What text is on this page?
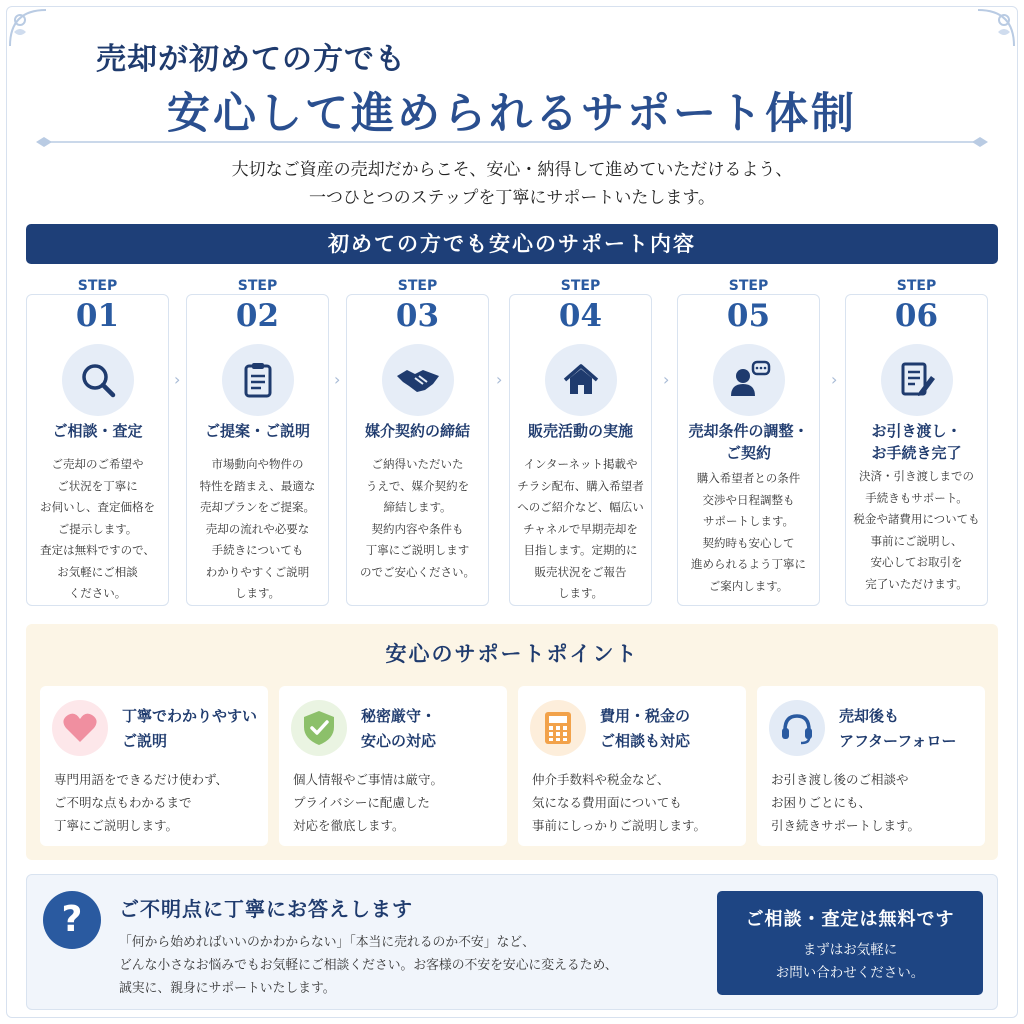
売却が初めての方でも
安心して進められるサポート体制
大切なご資産の売却だからこそ、安心・納得して進めていただけるよう、
一つひとつのステップを丁寧にサポートいたします。
初めての方でも安心のサポート内容
STEP
01
ご相談・査定
ご売却のご希望や
ご状況を丁寧に
お伺いし、査定価格を
ご提示します。
査定は無料ですので、
お気軽にご相談
ください。
›
STEP
02
ご提案・ご説明
市場動向や物件の
特性を踏まえ、最適な
売却プランをご提案。
売却の流れや必要な
手続きについても
わかりやすくご説明
します。
›
STEP
03
媒介契約の締結
ご納得いただいた
うえで、媒介契約を
締結します。
契約内容や条件も
丁寧にご説明します
のでご安心ください。
›
STEP
04
販売活動の実施
インターネット掲載や
チラシ配布、購入希望者
へのご紹介など、幅広い
チャネルで早期売却を
目指します。定期的に
販売状況をご報告
します。
›
STEP
05
売却条件の調整・
ご契約
購入希望者との条件
交渉や日程調整も
サポートします。
契約時も安心して
進められるよう丁寧に
ご案内します。
›
STEP
06
お引き渡し・
お手続き完了
決済・引き渡しまでの
手続きもサポート。
税金や諸費用についても
事前にご説明し、
安心してお取引を
完了いただけます。
安心のサポートポイント
丁寧でわかりやすい
ご説明
専門用語をできるだけ使わず、
ご不明な点もわかるまで
丁寧にご説明します。
秘密厳守・
安心の対応
個人情報やご事情は厳守。
プライバシーに配慮した
対応を徹底します。
費用・税金の
ご相談も対応
仲介手数料や税金など、
気になる費用面についても
事前にしっかりご説明します。
売却後も
アフターフォロー
お引き渡し後のご相談や
お困りごとにも、
引き続きサポートします。
?	ご不明点に丁寧にお答えします
「何から始めればいいのかわからない」「本当に売れるのか不安」など、
どんな小さなお悩みでもお気軽にご相談ください。お客様の不安を安心に変えるため、
誠実に、親身にサポートいたします。
ご相談・査定は無料です
まずはお気軽に
お問い合わせください。
